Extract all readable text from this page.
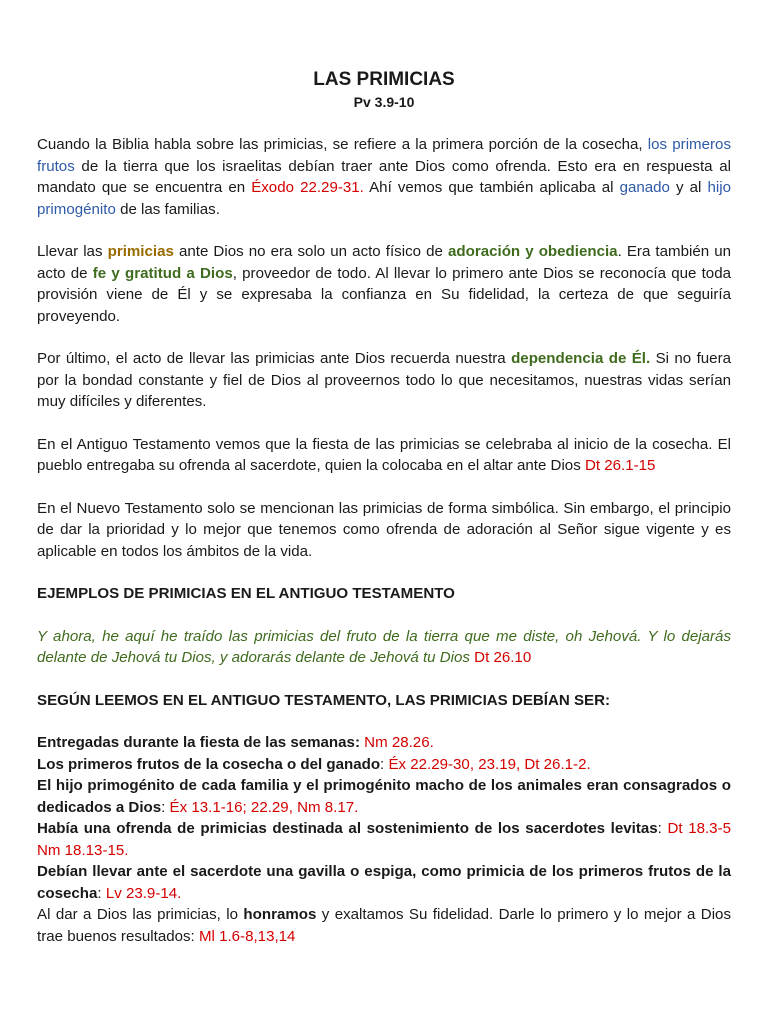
LAS PRIMICIAS
Pv 3.9-10

Cuando la Biblia habla sobre las primicias, se refiere a la primera porción de la cosecha, los primeros frutos de la tierra que los israelitas debían traer ante Dios como ofrenda. Esto era en respuesta al mandato que se encuentra en Éxodo 22.29-31. Ahí vemos que también aplicaba al ganado y al hijo primogénito de las familias.

Llevar las primicias ante Dios no era solo un acto físico de adoración y obediencia. Era también un acto de fe y gratitud a Dios, proveedor de todo. Al llevar lo primero ante Dios se reconocía que toda provisión viene de Él y se expresaba la confianza en Su fidelidad, la certeza de que seguiría proveyendo.

Por último, el acto de llevar las primicias ante Dios recuerda nuestra dependencia de Él. Si no fuera por la bondad constante y fiel de Dios al proveernos todo lo que necesitamos, nuestras vidas serían muy difíciles y diferentes.

En el Antiguo Testamento vemos que la fiesta de las primicias se celebraba al inicio de la cosecha. El pueblo entregaba su ofrenda al sacerdote, quien la colocaba en el altar ante Dios Dt 26.1-15

En el Nuevo Testamento solo se mencionan las primicias de forma simbólica. Sin embargo, el principio de dar la prioridad y lo mejor que tenemos como ofrenda de adoración al Señor sigue vigente y es aplicable en todos los ámbitos de la vida.

EJEMPLOS DE PRIMICIAS EN EL ANTIGUO TESTAMENTO

Y ahora, he aquí he traído las primicias del fruto de la tierra que me diste, oh Jehová. Y lo dejarás delante de Jehová tu Dios, y adorarás delante de Jehová tu Dios Dt 26.10

SEGÚN LEEMOS EN EL ANTIGUO TESTAMENTO, LAS PRIMICIAS DEBÍAN SER:

Entregadas durante la fiesta de las semanas: Nm 28.26.

Los primeros frutos de la cosecha o del ganado: Éx 22.29-30, 23.19, Dt 26.1-2.

El hijo primogénito de cada familia y el primogénito macho de los animales eran consagrados o dedicados a Dios: Éx 13.1-16; 22.29, Nm 8.17.

Había una ofrenda de primicias destinada al sostenimiento de los sacerdotes levitas: Dt 18.3-5 Nm 18.13-15.

Debían llevar ante el sacerdote una gavilla o espiga, como primicia de los primeros frutos de la cosecha: Lv 23.9-14.

Al dar a Dios las primicias, lo honramos y exaltamos Su fidelidad. Darle lo primero y lo mejor a Dios trae buenos resultados: Ml 1.6-8,13,14
